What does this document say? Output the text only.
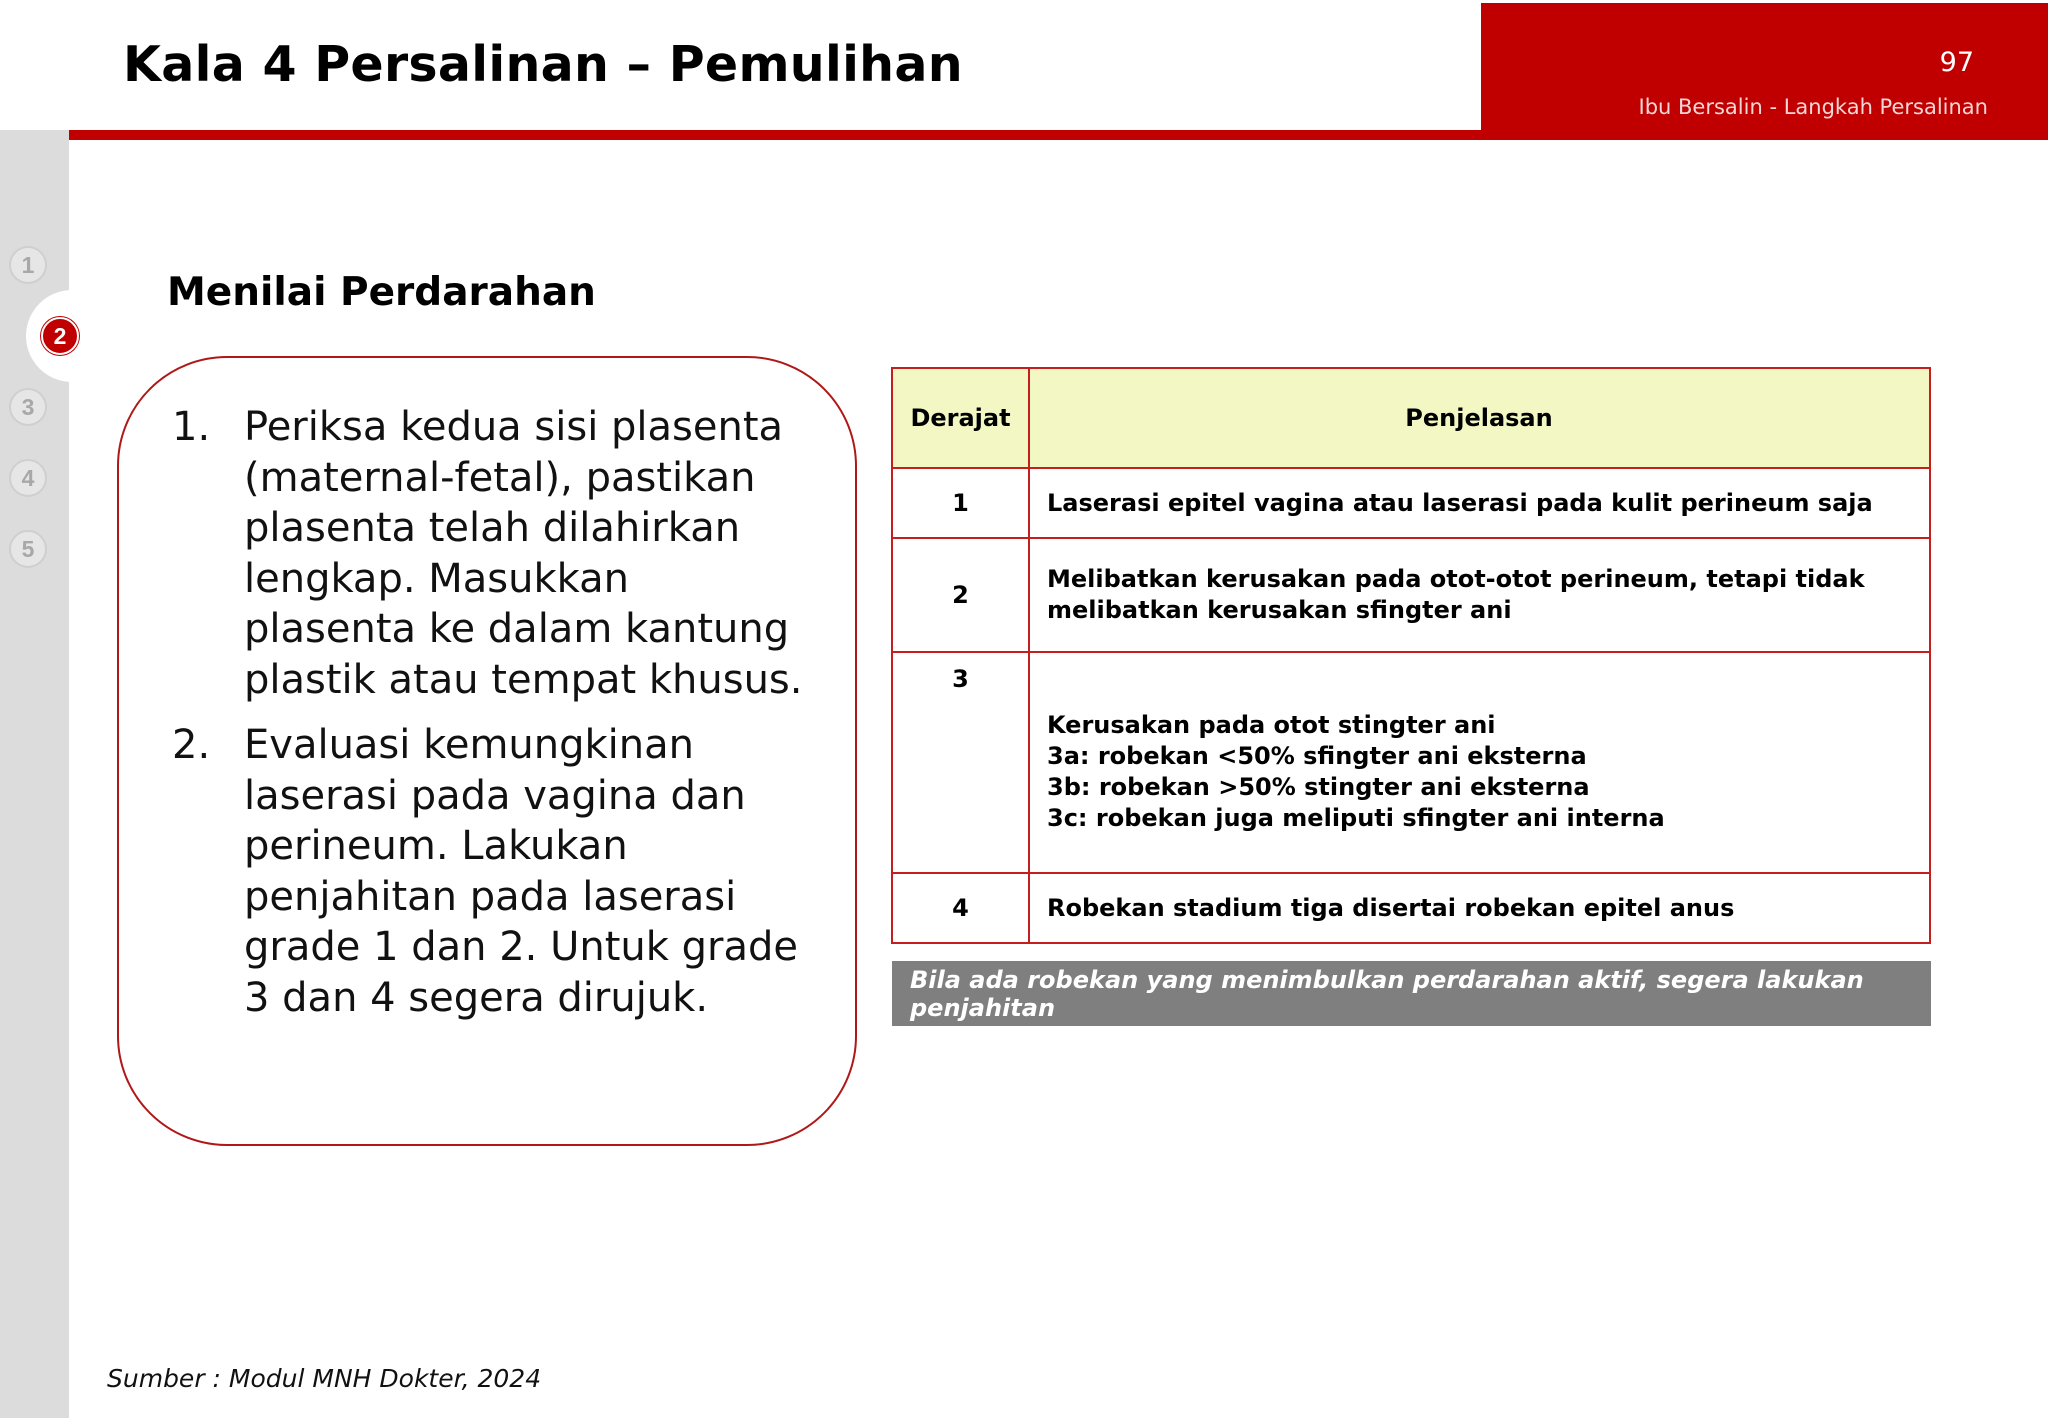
97
Ibu Bersalin - Langkah Persalinan
Kala 4 Persalinan – Pemulihan
1
2
3
4
5
Menilai Perdarahan
1. Periksa kedua sisi plasenta (maternal-fetal), pastikan plasenta telah dilahirkan lengkap. Masukkan plasenta ke dalam kantung plastik atau tempat khusus.
2. Evaluasi kemungkinan laserasi pada vagina dan perineum. Lakukan penjahitan pada laserasi grade 1 dan 2. Untuk grade 3 dan 4 segera dirujuk.
Derajat	Penjelasan
1	Laserasi epitel vagina atau laserasi pada kulit perineum saja

2	Melibatkan kerusakan pada otot-otot perineum, tetapi tidak
melibatkan kerusakan sfingter ani

3	Kerusakan pada otot stingter ani
3a: robekan <50% sfingter ani eksterna
3b: robekan >50% stingter ani eksterna
3c: robekan juga meliputi sfingter ani interna

4	Robekan stadium tiga disertai robekan epitel anus
Bila ada robekan yang menimbulkan perdarahan aktif, segera lakukan penjahitan
Sumber : Modul MNH Dokter, 2024
